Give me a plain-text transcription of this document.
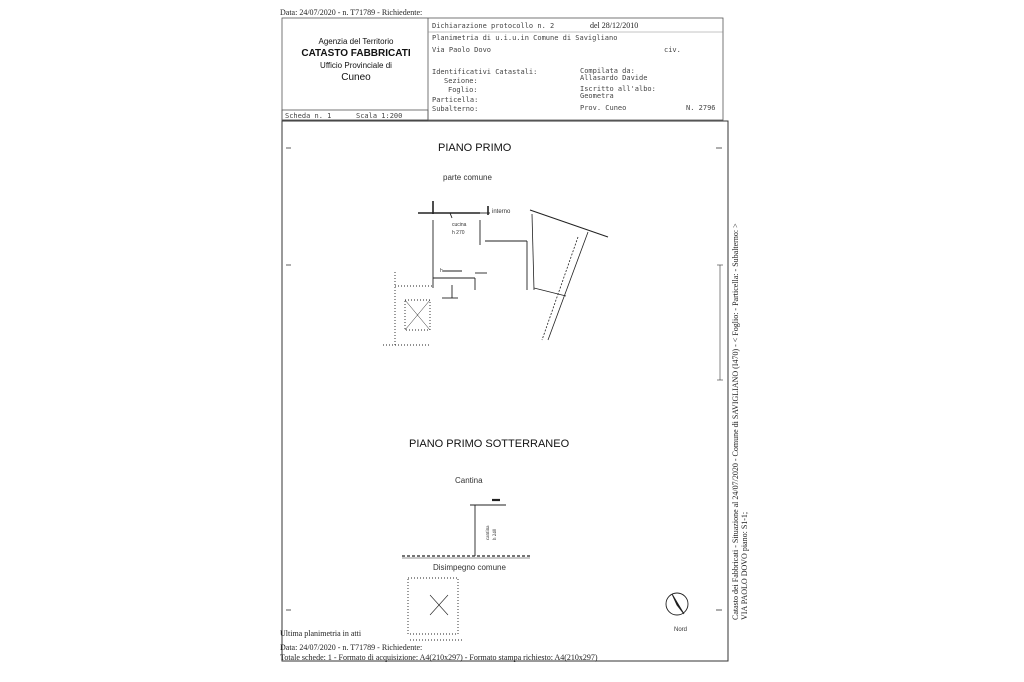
Data: 24/07/2020 - n. T71789 - Richiedente:
Agenzia del Territorio
CATASTO FABBRICATI
Ufficio Provinciale di
Cuneo
Dichiarazione protocollo n. 2	del 28/12/2010
Planimetria di u.i.u.in Comune di Savigliano
Via Paolo Dovo	civ.
Identificativi Catastali:
Sezione:
Foglio:
Particella:
Subalterno:
Compilata da:
Allasardo Davide
Iscritto all'albo:
Geometra
Prov. Cuneo	N. 2796
Scheda n. 1	Scala 1:200
PIANO PRIMO
parte comune
interno
cucina
h 270
h
PIANO PRIMO SOTTERRANEO
Cantina
cantina h 240
Disimpegno comune
Nord
Ultima planimetria in atti
Data: 24/07/2020 - n. T71789 - Richiedente:
Totale schede: 1 - Formato di acquisizione: A4(210x297) - Formato stampa richiesto: A4(210x297)
Catasto dei Fabbricati - Situazione al 24/07/2020 - Comune di SAVIGLIANO (I470) - < Foglio: - Particella: - Subalterno: > VIA PAOLO DOVO piano: S1-1;
